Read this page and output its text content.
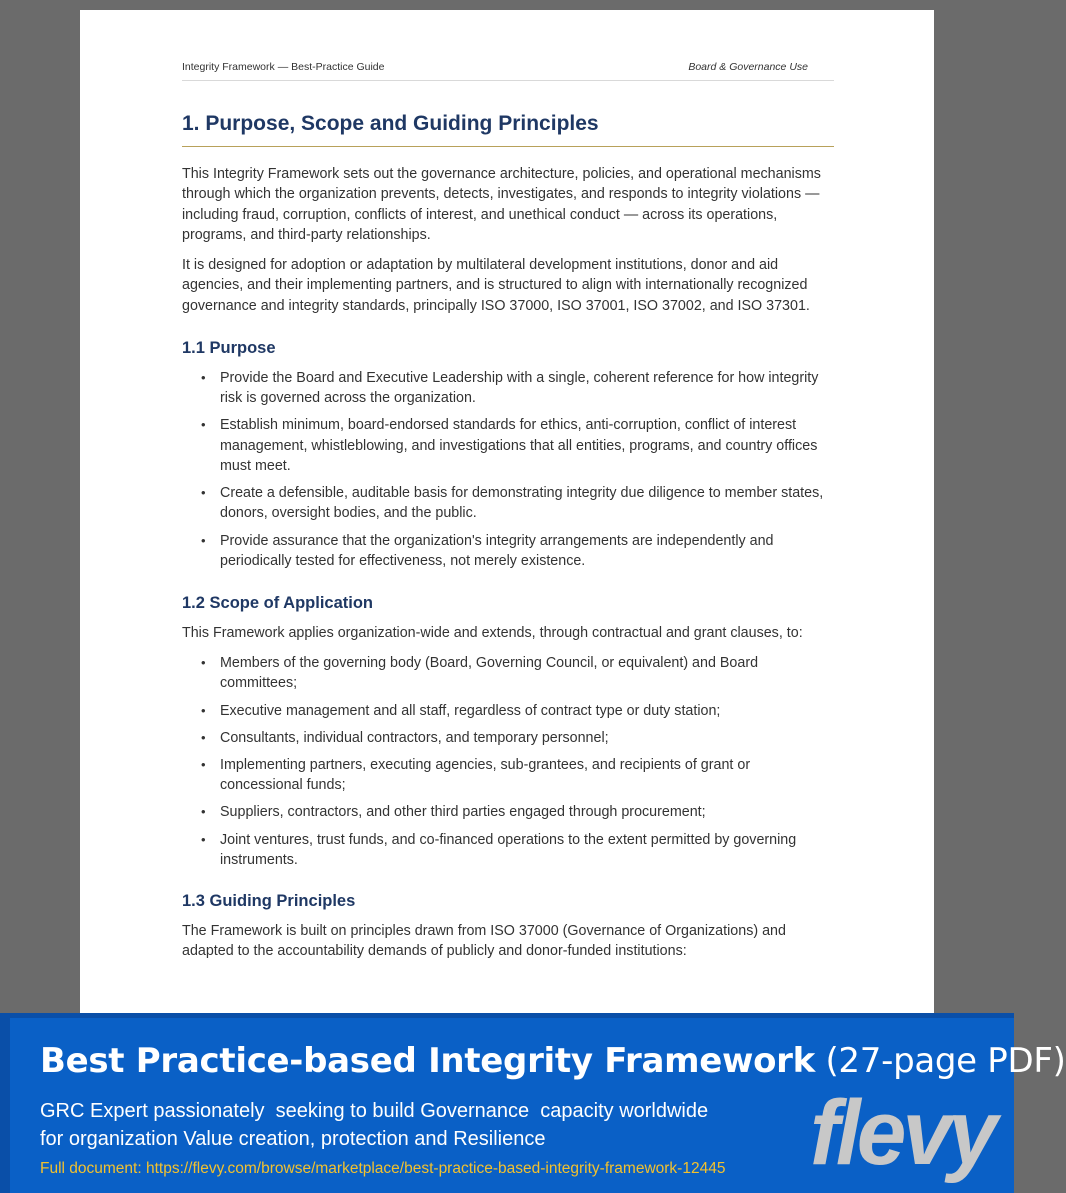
Integrity Framework — Best-Practice Guide	Board & Governance Use
1. Purpose, Scope and Guiding Principles

This Integrity Framework sets out the governance architecture, policies, and operational mechanisms through which the organization prevents, detects, investigates, and responds to integrity violations — including fraud, corruption, conflicts of interest, and unethical conduct — across its operations, programs, and third-party relationships.

It is designed for adoption or adaptation by multilateral development institutions, donor and aid agencies, and their implementing partners, and is structured to align with internationally recognized governance and integrity standards, principally ISO 37000, ISO 37001, ISO 37002, and ISO 37301.

1.1 Purpose
• Provide the Board and Executive Leadership with a single, coherent reference for how integrity risk is governed across the organization.
• Establish minimum, board-endorsed standards for ethics, anti-corruption, conflict of interest management, whistleblowing, and investigations that all entities, programs, and country offices must meet.
• Create a defensible, auditable basis for demonstrating integrity due diligence to member states, donors, oversight bodies, and the public.
• Provide assurance that the organization's integrity arrangements are independently and periodically tested for effectiveness, not merely existence.
1.2 Scope of Application

This Framework applies organization-wide and extends, through contractual and grant clauses, to:

• Members of the governing body (Board, Governing Council, or equivalent) and Board committees;
• Executive management and all staff, regardless of contract type or duty station;
• Consultants, individual contractors, and temporary personnel;
• Implementing partners, executing agencies, sub-grantees, and recipients of grant or concessional funds;
• Suppliers, contractors, and other third parties engaged through procurement;
• Joint ventures, trust funds, and co-financed operations to the extent permitted by governing instruments.
1.3 Guiding Principles

The Framework is built on principles drawn from ISO 37000 (Governance of Organizations) and adapted to the accountability demands of publicly and donor-funded institutions:

Best Practice-based Integrity Framework (27-page PDF)
GRC Expert passionately  seeking to build Governance  capacity worldwide
for organization Value creation, protection and Resilience
Full document: https://flevy.com/browse/marketplace/best-practice-based-integrity-framework-12445 flevy
